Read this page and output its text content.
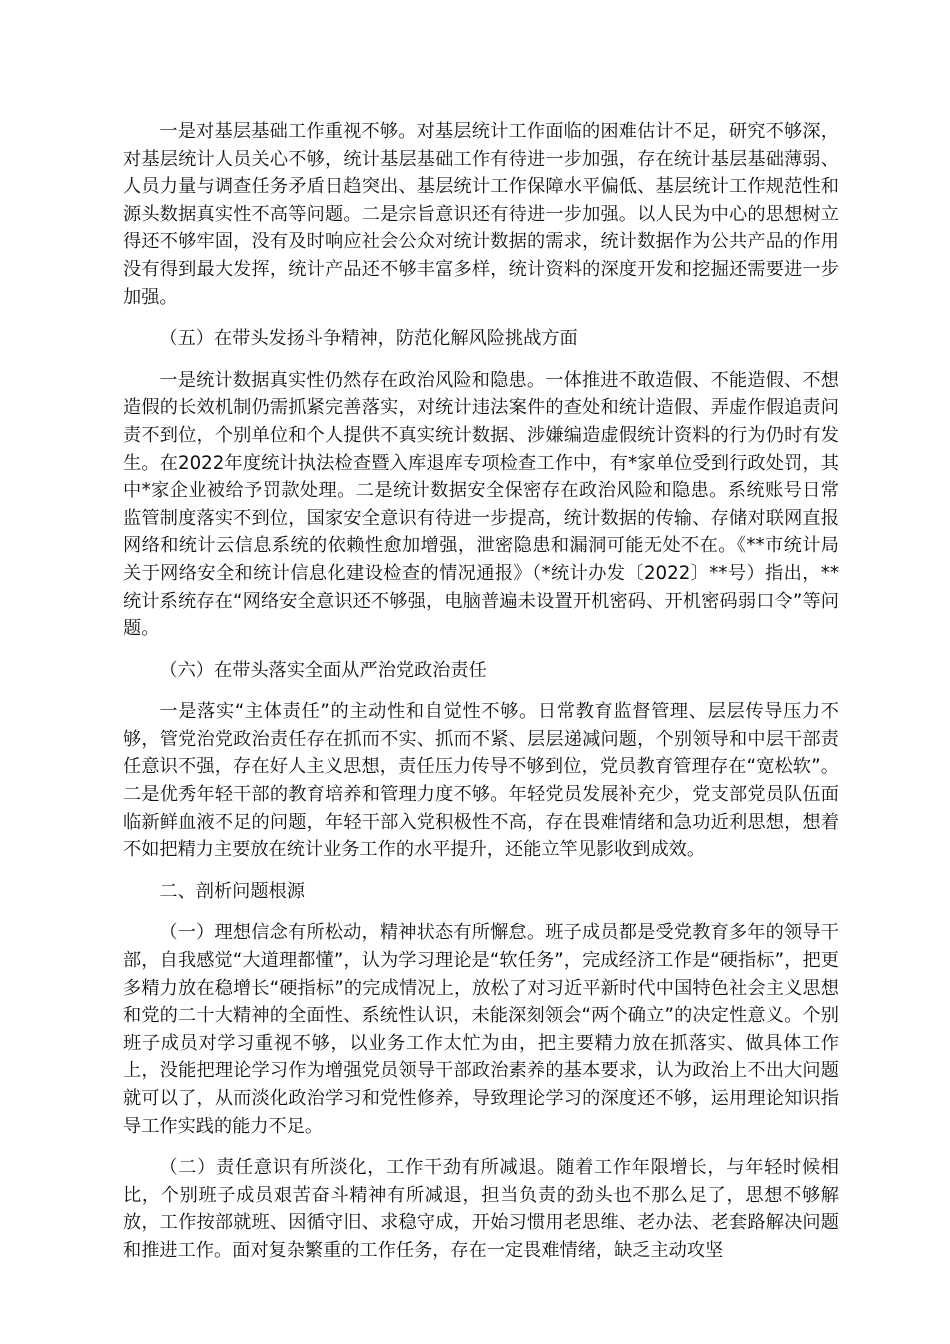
一是对基层基础工作重视不够。对基层统计工作面临的困难估计不足，研究不够深，对基层统计人员关心不够，统计基层基础工作有待进一步加强，存在统计基层基础薄弱、人员力量与调查任务矛盾日趋突出、基层统计工作保障水平偏低、基层统计工作规范性和源头数据真实性不高等问题。二是宗旨意识还有待进一步加强。以人民为中心的思想树立得还不够牢固，没有及时响应社会公众对统计数据的需求，统计数据作为公共产品的作用没有得到最大发挥，统计产品还不够丰富多样，统计资料的深度开发和挖掘还需要进一步加强。

（五）在带头发扬斗争精神，防范化解风险挑战方面

一是统计数据真实性仍然存在政治风险和隐患。一体推进不敢造假、不能造假、不想造假的长效机制仍需抓紧完善落实，对统计违法案件的查处和统计造假、弄虚作假追责问责不到位，个别单位和个人提供不真实统计数据、涉嫌编造虚假统计资料的行为仍时有发生。在2022年度统计执法检查暨入库退库专项检查工作中，有*家单位受到行政处罚，其中*家企业被给予罚款处理。二是统计数据安全保密存在政治风险和隐患。系统账号日常监管制度落实不到位，国家安全意识有待进一步提高，统计数据的传输、存储对联网直报网络和统计云信息系统的依赖性愈加增强，泄密隐患和漏洞可能无处不在。《**市统计局关于网络安全和统计信息化建设检查的情况通报》（*统计办发〔2022〕**号）指出，**统计系统存在“网络安全意识还不够强，电脑普遍未设置开机密码、开机密码弱口令”等问题。

（六）在带头落实全面从严治党政治责任

一是落实“主体责任”的主动性和自觉性不够。日常教育监督管理、层层传导压力不够，管党治党政治责任存在抓而不实、抓而不紧、层层递减问题，个别领导和中层干部责任意识不强，存在好人主义思想，责任压力传导不够到位，党员教育管理存在“宽松软”。二是优秀年轻干部的教育培养和管理力度不够。年轻党员发展补充少，党支部党员队伍面临新鲜血液不足的问题，年轻干部入党积极性不高，存在畏难情绪和急功近利思想，想着不如把精力主要放在统计业务工作的水平提升，还能立竿见影收到成效。

二、剖析问题根源

（一）理想信念有所松动，精神状态有所懈怠。班子成员都是受党教育多年的领导干部，自我感觉“大道理都懂”，认为学习理论是“软任务”，完成经济工作是“硬指标”，把更多精力放在稳增长“硬指标”的完成情况上，放松了对习近平新时代中国特色社会主义思想和党的二十大精神的全面性、系统性认识，未能深刻领会“两个确立”的决定性意义。个别班子成员对学习重视不够，以业务工作太忙为由，把主要精力放在抓落实、做具体工作上，没能把理论学习作为增强党员领导干部政治素养的基本要求，认为政治上不出大问题就可以了，从而淡化政治学习和党性修养，导致理论学习的深度还不够，运用理论知识指导工作实践的能力不足。

（二）责任意识有所淡化，工作干劲有所减退。随着工作年限增长，与年轻时候相比，个别班子成员艰苦奋斗精神有所减退，担当负责的劲头也不那么足了，思想不够解放，工作按部就班、因循守旧、求稳守成，开始习惯用老思维、老办法、老套路解决问题和推进工作。面对复杂繁重的工作任务，存在一定畏难情绪，缺乏主动攻坚
